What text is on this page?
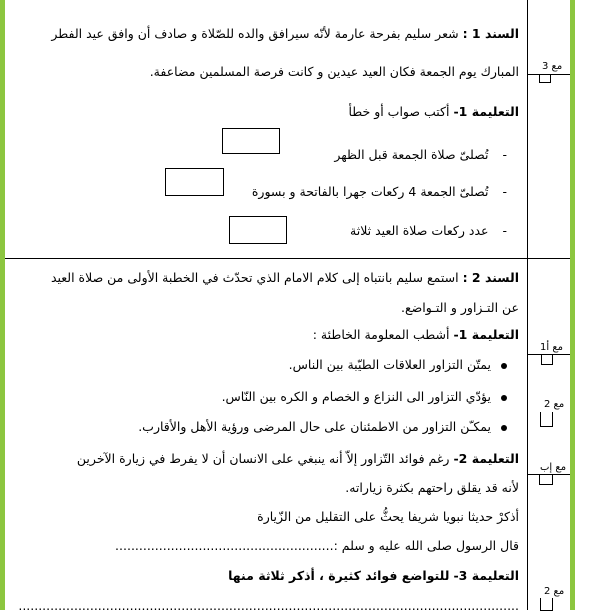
السند 1 : شعر سليم بفرحة عارمة لأنّه سيرافق والده للصّلاة و صادف أن وافق عيد الفطر
المبارك يوم الجمعة فكان العيد عيدين و كانت فرصة المسلمين مضاعفة.
التعليمة 1- أكتب صواب أو خطأ
-تُصلىّ صلاة الجمعة قبل الظهر
-تُصلىّ الجمعة 4 ركعات جهرا بالفاتحة و بسورة
-عدد ركعات صلاة العيد ثلاثة
السند 2 : استمع سليم بانتباه إلى كلام الامام الذي تحدّث في الخطبة الأولى من صلاة العيد
عن التـزاور و التـواضع.
التعليمة 1- أشطب المعلومة الخاطئة :
يمتّن التزاور العلاقات الطيّبة بين الناس.
يؤدّي التزاور الى النزاع و الخصام و الكره بين النّاس.
يمكـّن التزاور من الاطمئنان على حال المرضى ورؤية الأهل والأقارب.
التعليمة 2- رغم فوائد التّزاور إلاّ أنه ينبغي على الانسان أن لا يفرط في زيارة الآخرين
لأنه قد يقلق راحتهم بكثرة زياراته.
أذكرْ حديثا نبويا شريفا يحثُّ على التقليل من الزّيارة
قال الرسول صلى الله عليه و سلم :.......................................................
التعليمة 3- للتواضع فوائد كثيرة ، أذكر ثلاثة منها
..............................................................................................................................
مع 3
مع أ1
مع 2
مع إب
مع 2
